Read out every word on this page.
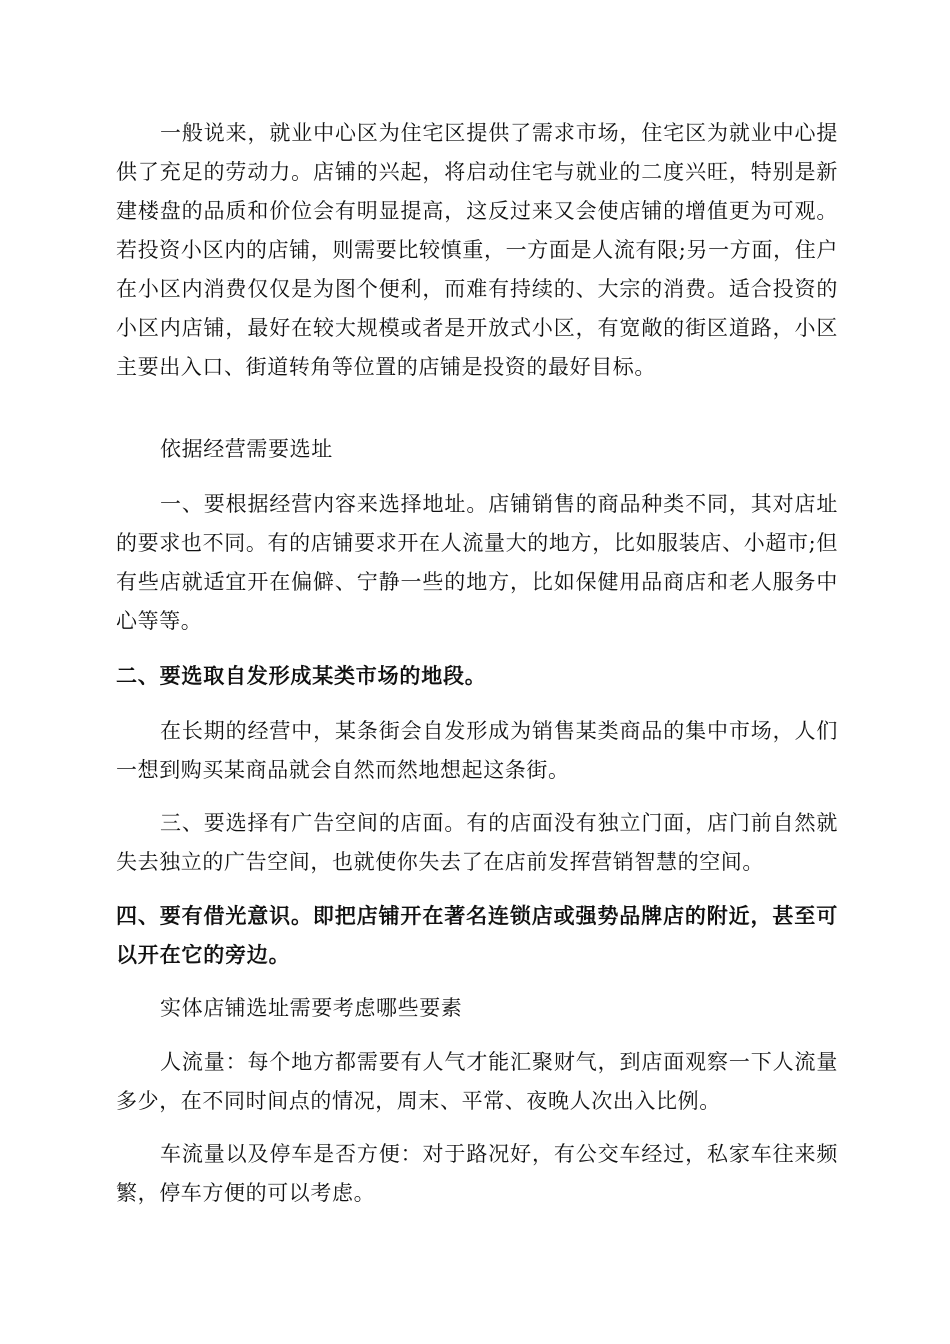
一般说来，就业中心区为住宅区提供了需求市场，住宅区为就业中心提供了充足的劳动力。店铺的兴起，将启动住宅与就业的二度兴旺，特别是新建楼盘的品质和价位会有明显提高，这反过来又会使店铺的增值更为可观。若投资小区内的店铺，则需要比较慎重，一方面是人流有限;另一方面，住户在小区内消费仅仅是为图个便利，而难有持续的、大宗的消费。适合投资的小区内店铺，最好在较大规模或者是开放式小区，有宽敞的街区道路，小区主要出入口、街道转角等位置的店铺是投资的最好目标。

依据经营需要选址

一、要根据经营内容来选择地址。店铺销售的商品种类不同，其对店址的要求也不同。有的店铺要求开在人流量大的地方，比如服装店、小超市;但有些店就适宜开在偏僻、宁静一些的地方，比如保健用品商店和老人服务中心等等。

二、要选取自发形成某类市场的地段。

在长期的经营中，某条街会自发形成为销售某类商品的集中市场，人们一想到购买某商品就会自然而然地想起这条街。

三、要选择有广告空间的店面。有的店面没有独立门面，店门前自然就失去独立的广告空间，也就使你失去了在店前发挥营销智慧的空间。

四、要有借光意识。即把店铺开在著名连锁店或强势品牌店的附近，甚至可以开在它的旁边。

实体店铺选址需要考虑哪些要素

人流量：每个地方都需要有人气才能汇聚财气，到店面观察一下人流量多少，在不同时间点的情况，周末、平常、夜晚人次出入比例。

车流量以及停车是否方便：对于路况好，有公交车经过，私家车往来频繁，停车方便的可以考虑。
